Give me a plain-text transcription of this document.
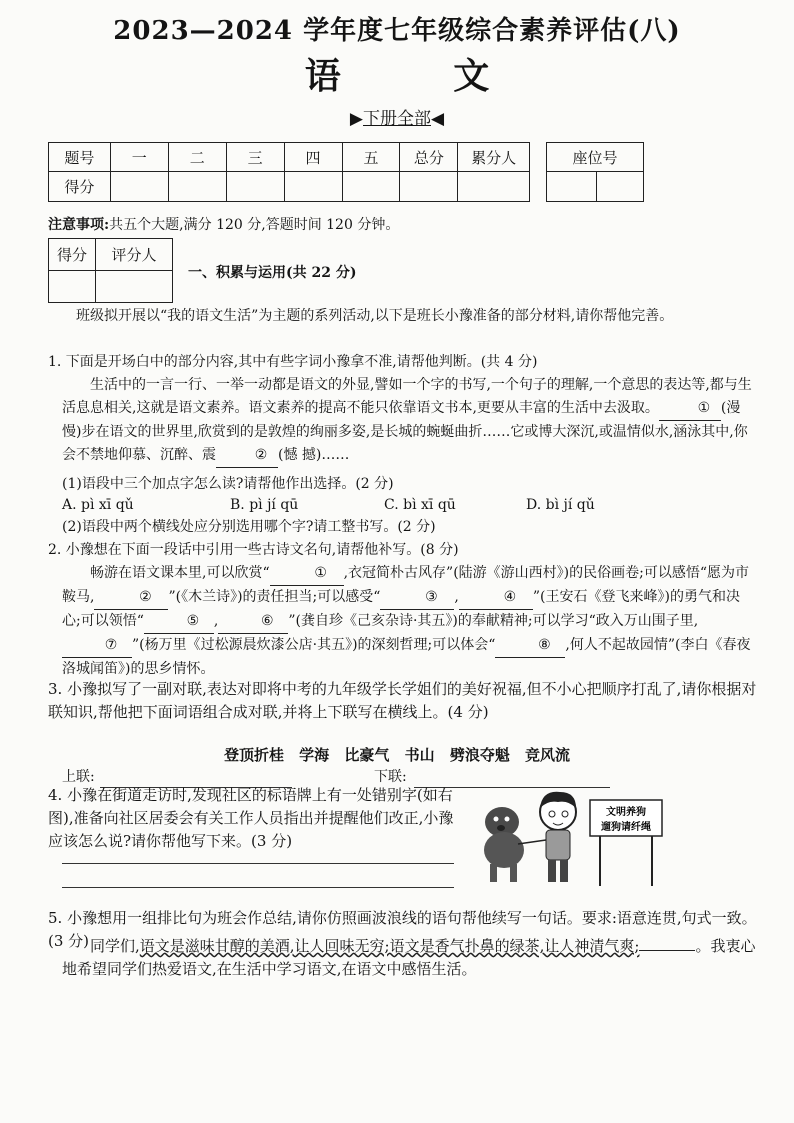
2023—2024 学年度七年级综合素养评估(八)
语 文
▶下册全部◀
题号	一	二	三	四	五	总分	累分人
得分							
座位号

注意事项:共五个大题,满分 120 分,答题时间 120 分钟。
得分	评分人

一、积累与运用(共 22 分)
班级拟开展以“我的语文生活”为主题的系列活动,以下是班长小豫准备的部分材料,请你帮他完善。
1. 下面是开场白中的部分内容,其中有些字词小豫拿不准,请帮他判断。(共 4 分)
生活中的一言一行、一举一动都是语文的外显,譬如一个字的书写,一个句子的理解,一个意思的表达等,都与生活息息相关,这就是语文素养。语文素养的提高不能只依靠语文书本,更要从丰富的生活中去汲取。	① (漫 慢)步在语文的世界里,欣赏到的是敦煌的绚丽多姿,是长城的蜿蜒曲折……它或博大深沉,或温情似水,涵泳其中,你会不禁地仰慕、沉醉、震	② (憾 撼)……
(1)语段中三个加点字怎么读?请帮他作出选择。(2 分)
A. pì xī qǔ	B. pì jí qū	C. bì xī qū	D. bì jí qǔ
(2)语段中两个横线处应分别选用哪个字?请工整书写。(2 分)
2. 小豫想在下面一段话中引用一些古诗文名句,请帮他补写。(8 分)
畅游在语文课本里,可以欣赏“	① ,衣冠简朴古风存”(陆游《游山西村》)的民俗画卷;可以感悟“愿为市鞍马,	② ”(《木兰诗》)的责任担当;可以感受“	③ ,	④ ”(王安石《登飞来峰》)的勇气和决心;可以领悟“	⑤ ,	⑥ ”(龚自珍《己亥杂诗·其五》)的奉献精神;可以学习“政入万山围子里,⑦ ”(杨万里《过松源晨炊漆公店·其五》)的深刻哲理;可以体会“	⑧ ,何人不起故园情”(李白《春夜洛城闻笛》)的思乡情怀。
3. 小豫拟写了一副对联,表达对即将中考的九年级学长学姐们的美好祝福,但不小心把顺序打乱了,请你根据对联知识,帮他把下面词语组合成对联,并将上下联写在横线上。(4 分)
登顶折桂 学海 比豪气 书山 劈浪夺魁 竞风流
上联:	下联:
4. 小豫在街道走访时,发现社区的标语牌上有一处错别字(如右图),准备向社区居委会有关工作人员指出并提醒他们改正,小豫应该怎么说?请你帮他写下来。(3 分)
文明养狗
遛狗请纤绳
5. 小豫想用一组排比句为班会作总结,请你仿照画波浪线的语句帮他续写一句话。要求:语意连贯,句式一致。(3 分) 同学们,语文是滋味甘醇的美酒,让人回味无穷;语文是香气扑鼻的绿茶,让人神清气爽;	。我衷心地希望同学们热爱语文,在生活中学习语文,在语文中感悟生活。
